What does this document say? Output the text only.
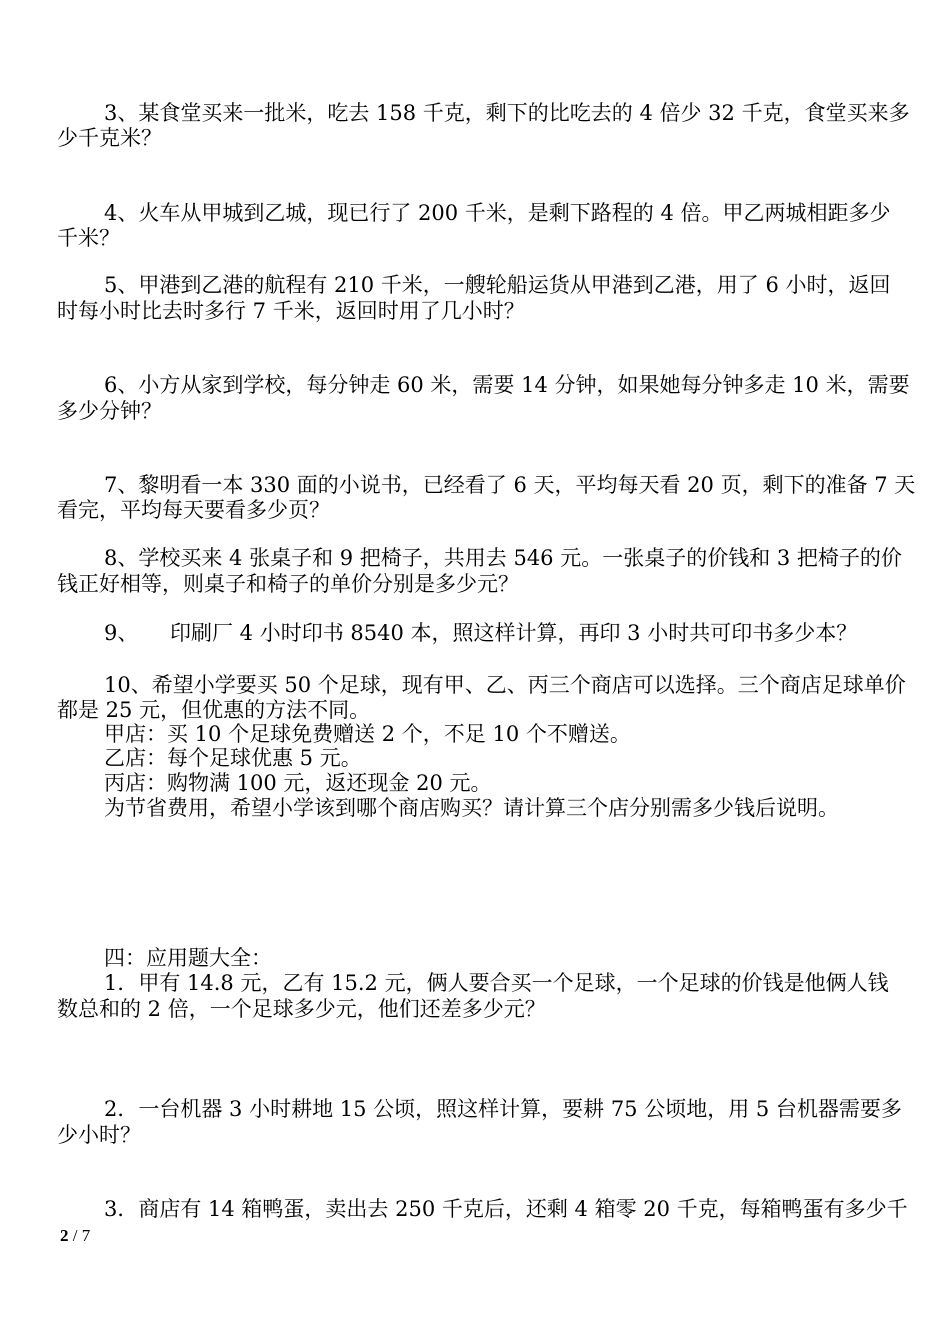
3、某食堂买来一批米，吃去 158 千克，剩下的比吃去的 4 倍少 32 千克，食堂买来多
少千克米？
4、火车从甲城到乙城，现已行了 200 千米，是剩下路程的 4 倍。甲乙两城相距多少
千米？
5、甲港到乙港的航程有 210 千米，一艘轮船运货从甲港到乙港，用了 6 小时，返回
时每小时比去时多行 7 千米，返回时用了几小时？
6、小方从家到学校，每分钟走 60 米，需要 14 分钟，如果她每分钟多走 10 米，需要
多少分钟？
7、黎明看一本 330 面的小说书，已经看了 6 天，平均每天看 20 页，剩下的准备 7 天
看完，平均每天要看多少页？
8、学校买来 4 张桌子和 9 把椅子，共用去 546 元。一张桌子的价钱和 3 把椅子的价
钱正好相等，则桌子和椅子的单价分别是多少元？
9、 印刷厂 4 小时印书 8540 本，照这样计算，再印 3 小时共可印书多少本？
10、希望小学要买 50 个足球，现有甲、乙、丙三个商店可以选择。三个商店足球单价
都是 25 元，但优惠的方法不同。
甲店：买 10 个足球免费赠送 2 个，不足 10 个不赠送。
乙店：每个足球优惠 5 元。
丙店：购物满 100 元，返还现金 20 元。
为节省费用，希望小学该到哪个商店购买？请计算三个店分别需多少钱后说明。
四：应用题大全：
1．甲有 14.8 元，乙有 15.2 元，俩人要合买一个足球，一个足球的价钱是他俩人钱
数总和的 2 倍，一个足球多少元，他们还差多少元？
2．一台机器 3 小时耕地 15 公顷，照这样计算，要耕 75 公顷地，用 5 台机器需要多
少小时？
3．商店有 14 箱鸭蛋，卖出去 250 千克后，还剩 4 箱零 20 千克，每箱鸭蛋有多少千
2 / 7
